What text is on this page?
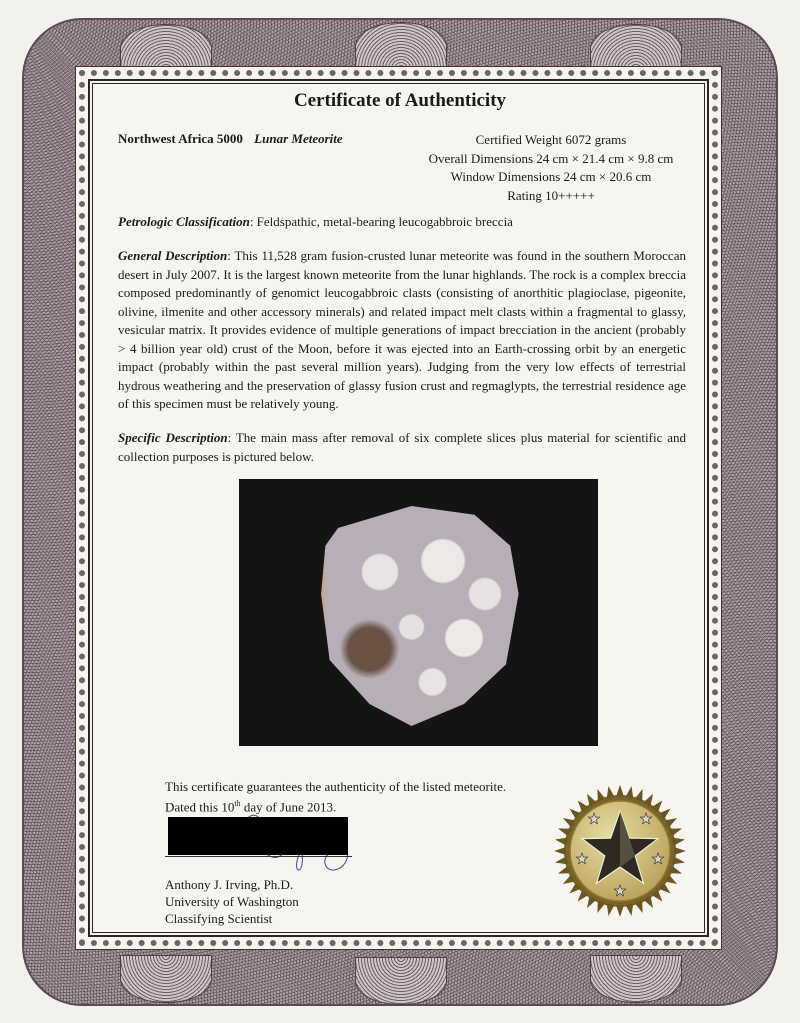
Certificate of Authenticity
Northwest Africa 5000 Lunar Meteorite	Certified Weight 6072 grams
Overall Dimensions 24 cm × 21.4 cm × 9.8 cm
Window Dimensions 24 cm × 20.6 cm
Rating 10+++++
Petrologic Classification: Feldspathic, metal-bearing leucogabbroic breccia
General Description: This 11,528 gram fusion-crusted lunar meteorite was found in the southern Moroccan desert in July 2007. It is the largest known meteorite from the lunar highlands. The rock is a complex breccia composed predominantly of genomict leucogabbroic clasts (consisting of anorthitic plagioclase, pigeonite, olivine, ilmenite and other accessory minerals) and related impact melt clasts within a fragmental to glassy, vesicular matrix. It provides evidence of multiple generations of impact brecciation in the ancient (probably > 4 billion year old) crust of the Moon, before it was ejected into an Earth-crossing orbit by an energetic impact (probably within the past several million years). Judging from the very low effects of terrestrial hydrous weathering and the preservation of glassy fusion crust and regmaglypts, the terrestrial residence age of this specimen must be relatively young.
Specific Description: The main mass after removal of six complete slices plus material for scientific and collection purposes is pictured below.
This certificate guarantees the authenticity of the listed meteorite.
Dated this 10th day of June 2013.
Anthony J. Irving, Ph.D.
University of Washington
Classifying Scientist
